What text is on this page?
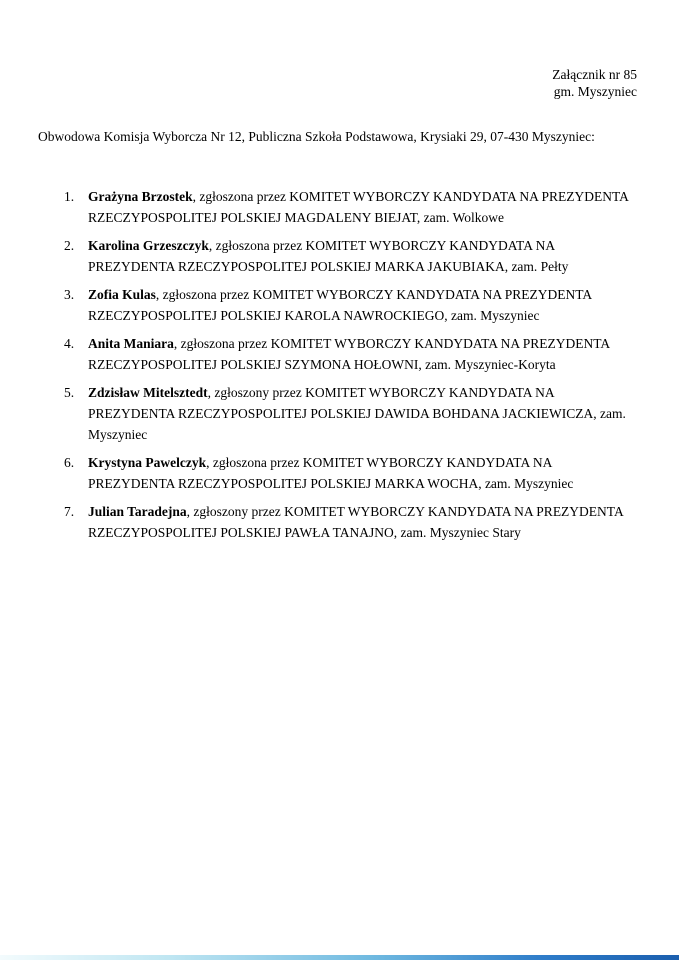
Załącznik nr 85
gm. Myszyniec
Obwodowa Komisja Wyborcza Nr 12, Publiczna Szkoła Podstawowa, Krysiaki 29, 07-430 Myszyniec:
1.	Grażyna Brzostek, zgłoszona przez KOMITET WYBORCZY KANDYDATA NA PREZYDENTA RZECZYPOSPOLITEJ POLSKIEJ MAGDALENY BIEJAT, zam. Wolkowe
2.	Karolina Grzeszczyk, zgłoszona przez KOMITET WYBORCZY KANDYDATA NA PREZYDENTA RZECZYPOSPOLITEJ POLSKIEJ MARKA JAKUBIAKA, zam. Pełty
3.	Zofia Kulas, zgłoszona przez KOMITET WYBORCZY KANDYDATA NA PREZYDENTA RZECZYPOSPOLITEJ POLSKIEJ KAROLA NAWROCKIEGO, zam. Myszyniec
4.	Anita Maniara, zgłoszona przez KOMITET WYBORCZY KANDYDATA NA PREZYDENTA RZECZYPOSPOLITEJ POLSKIEJ SZYMONA HOŁOWNI, zam. Myszyniec-Koryta
5.	Zdzisław Mitelsztedt, zgłoszony przez KOMITET WYBORCZY KANDYDATA NA PREZYDENTA RZECZYPOSPOLITEJ POLSKIEJ DAWIDA BOHDANA JACKIEWICZA, zam. Myszyniec
6.	Krystyna Pawelczyk, zgłoszona przez KOMITET WYBORCZY KANDYDATA NA PREZYDENTA RZECZYPOSPOLITEJ POLSKIEJ MARKA WOCHA, zam. Myszyniec
7.	Julian Taradejna, zgłoszony przez KOMITET WYBORCZY KANDYDATA NA PREZYDENTA RZECZYPOSPOLITEJ POLSKIEJ PAWŁA TANAJNO, zam. Myszyniec Stary
